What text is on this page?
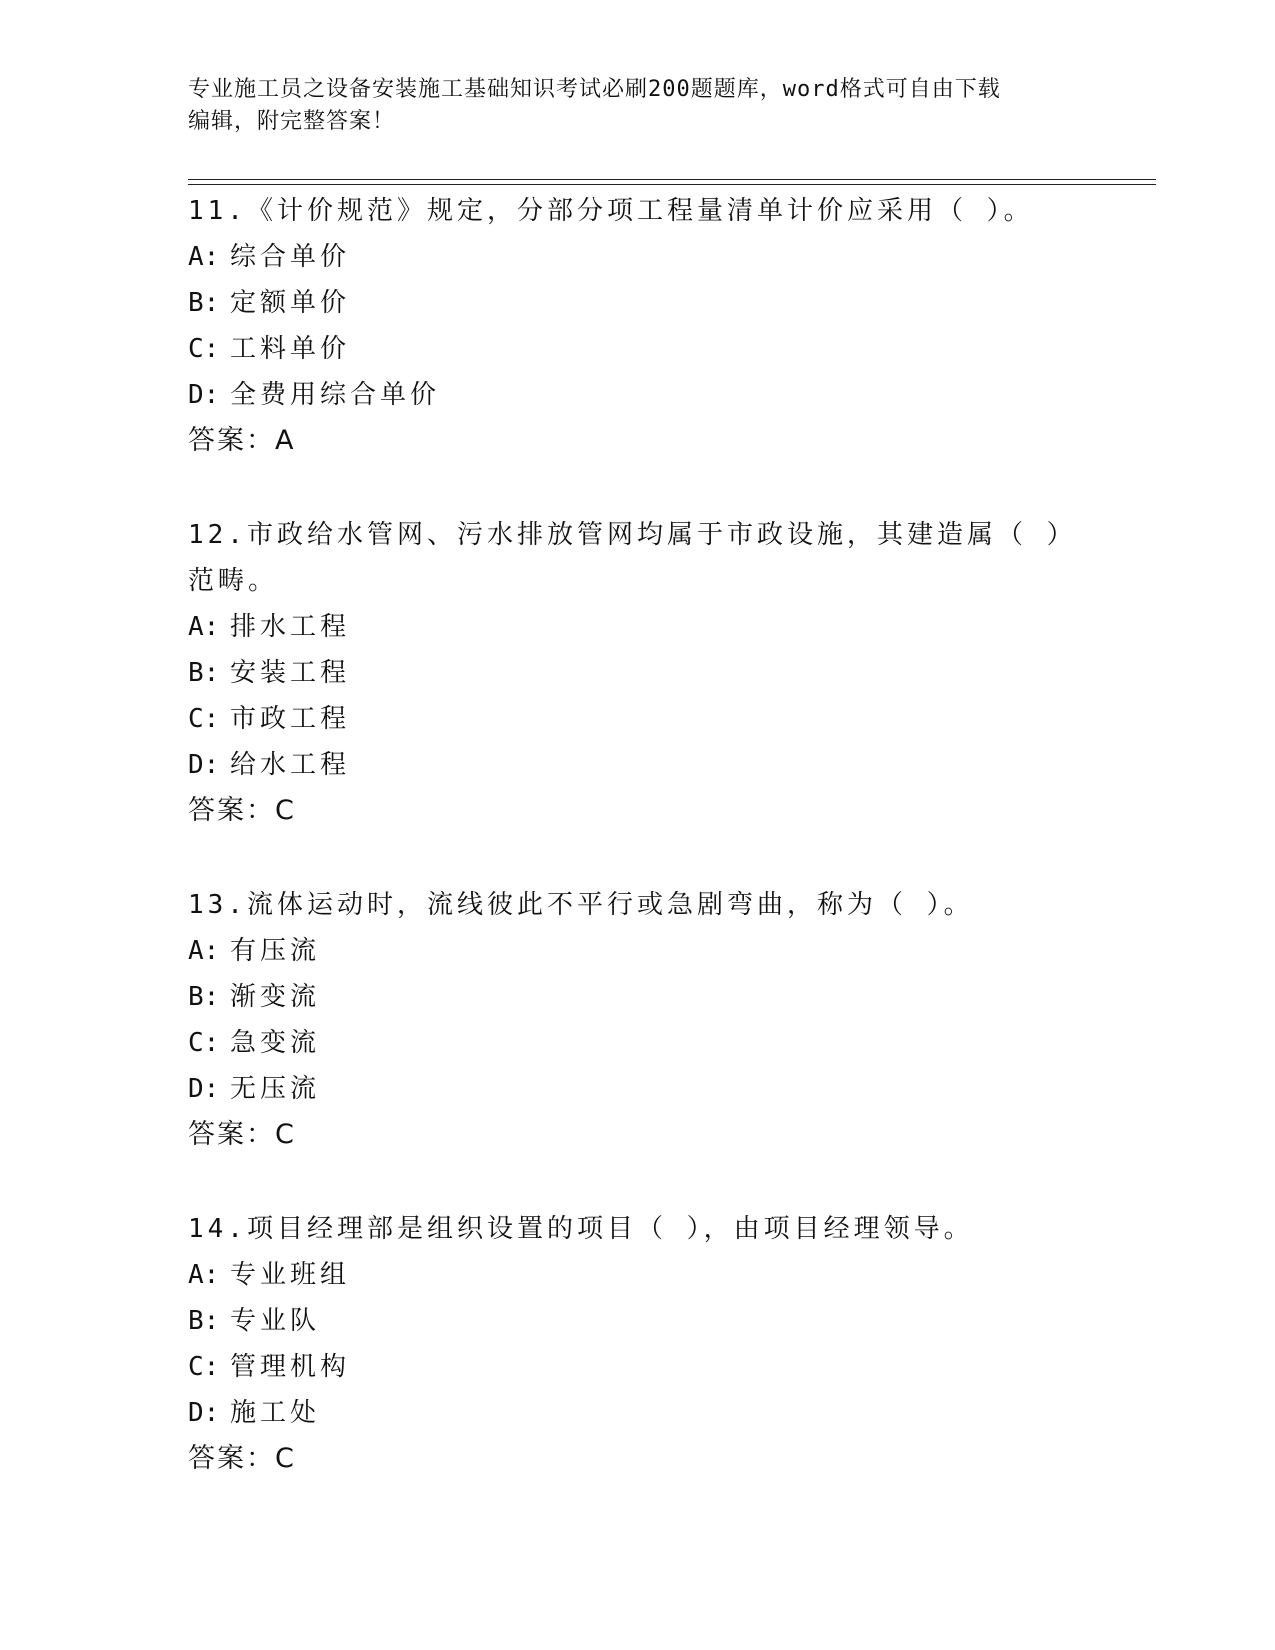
专业施工员之设备安装施工基础知识考试必刷200题题库，word格式可自由下载
编辑，附完整答案！
11.《计价规范》规定，分部分项工程量清单计价应采用（ ）。
A: 综合单价
B: 定额单价
C: 工料单价
D: 全费用综合单价
答案：A
12.市政给水管网、污水排放管网均属于市政设施，其建造属（ ）范畴。
A: 排水工程
B: 安装工程
C: 市政工程
D: 给水工程
答案：C
13.流体运动时，流线彼此不平行或急剧弯曲，称为（ ）。
A: 有压流
B: 渐变流
C: 急变流
D: 无压流
答案：C
14.项目经理部是组织设置的项目（ ），由项目经理领导。
A: 专业班组
B: 专业队
C: 管理机构
D: 施工处
答案：C
